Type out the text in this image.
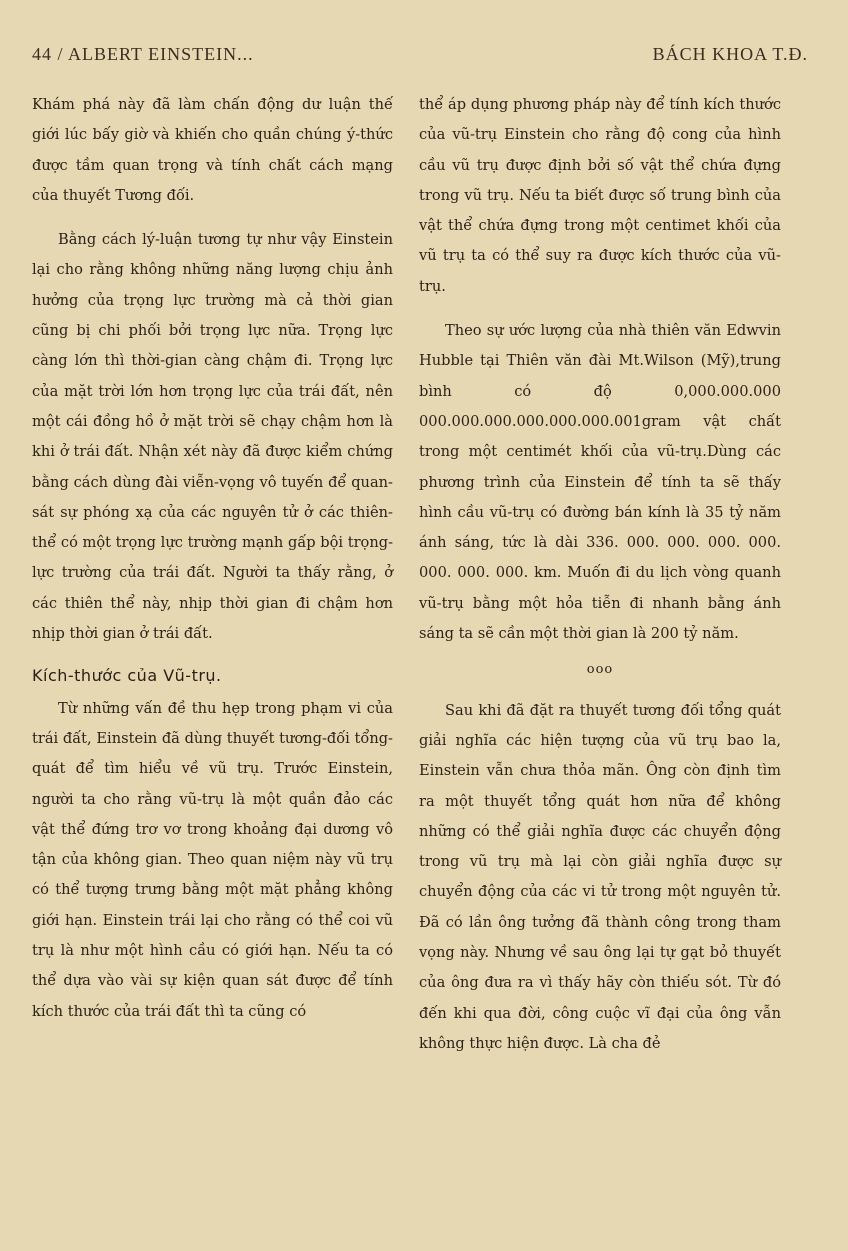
44 / ALBERT EINSTEIN...	BÁCH KHOA T.Đ.

Khám phá này đã làm chấn động dư luận thế giới lúc bấy giờ và khiến cho quần chúng ý-thức được tầm quan trọng và tính chất cách mạng của thuyết Tương đối.

Bằng cách lý-luận tương tự như vậy Einstein lại cho rằng không những năng lượng chịu ảnh hưởng của trọng lực trường mà cả thời gian cũng bị chi phối bởi trọng lực nữa. Trọng lực càng lớn thì thời-gian càng chậm đi. Trọng lực của mặt trời lớn hơn trọng lực của trái đất, nên một cái đồng hồ ở mặt trời sẽ chạy chậm hơn là khi ở trái đất. Nhận xét này đã được kiểm chứng bằng cách dùng đài viễn-vọng vô tuyến để quan-sát sự phóng xạ của các nguyên tử ở các thiên-thể có một trọng lực trường mạnh gấp bội trọng-lực trường của trái đất. Người ta thấy rằng, ở các thiên thể này, nhịp thời gian đi chậm hơn nhịp thời gian ở trái đất.

Kích-thước của Vũ-trụ.

Từ những vấn đề thu hẹp trong phạm vi của trái đất, Einstein đã dùng thuyết tương-đối tổng-quát để tìm hiểu về vũ trụ. Trước Einstein, người ta cho rằng vũ-trụ là một quần đảo các vật thể đứng trơ vơ trong khoảng đại dương vô tận của không gian. Theo quan niệm này vũ trụ có thể tượng trưng bằng một mặt phẳng không giới hạn. Einstein trái lại cho rằng có thể coi vũ trụ là như một hình cầu có giới hạn. Nếu ta có thể dựa vào vài sự kiện quan sát được để tính kích thước của trái đất thì ta cũng có

thể áp dụng phương pháp này để tính kích thước của vũ-trụ Einstein cho rằng độ cong của hình cầu vũ trụ được định bởi số vật thể chứa đựng trong vũ trụ. Nếu ta biết được số trung bình của vật thể chứa đựng trong một centimet khối của vũ trụ ta có thể suy ra được kích thước của vũ-trụ.

Theo sự ước lượng của nhà thiên văn Edwvin Hubble tại Thiên văn đài Mt.Wilson (Mỹ),trung bình có độ 0,000.000.000 000.000.000.000.000.000.001gram vật chất trong một centimét khối của vũ-trụ.Dùng các phương trình của Einstein để tính ta sẽ thấy hình cầu vũ-trụ có đường bán kính là 35 tỷ năm ánh sáng, tức là dài 336. 000. 000. 000. 000. 000. 000. 000. km. Muốn đi du lịch vòng quanh vũ-trụ bằng một hỏa tiễn đi nhanh bằng ánh sáng ta sẽ cần một thời gian là 200 tỷ năm.

ooo

Sau khi đã đặt ra thuyết tương đối tổng quát giải nghĩa các hiện tượng của vũ trụ bao la, Einstein vẫn chưa thỏa mãn. Ông còn định tìm ra một thuyết tổng quát hơn nữa để không những có thể giải nghĩa được các chuyển động trong vũ trụ mà lại còn giải nghĩa được sự chuyển động của các vi tử trong một nguyên tử. Đã có lần ông tưởng đã thành công trong tham vọng này. Nhưng về sau ông lại tự gạt bỏ thuyết của ông đưa ra vì thấy hãy còn thiếu sót. Từ đó đến khi qua đời, công cuộc vĩ đại của ông vẫn không thực hiện được. Là cha đẻ
